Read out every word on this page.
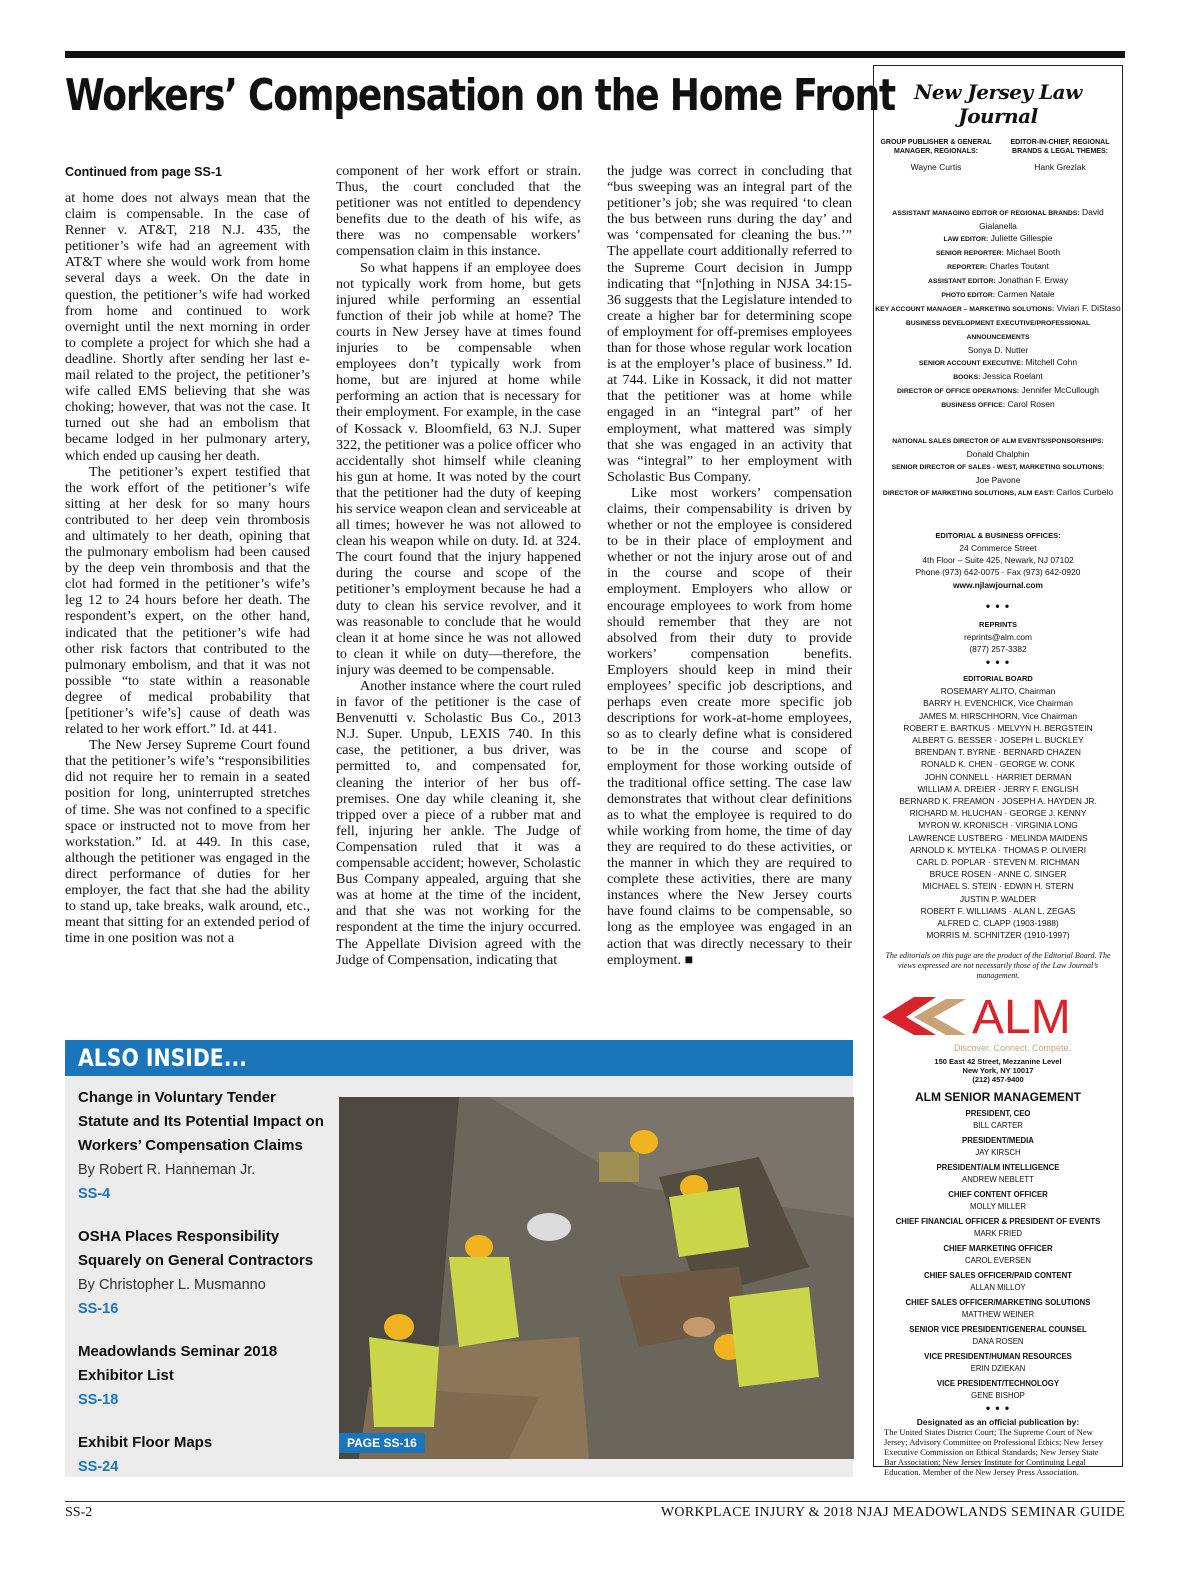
Workers’ Compensation on the Home Front
Continued from page SS-1

at home does not always mean that the claim is compensable. In the case of Renner v. AT&T, 218 N.J. 435, the petitioner’s wife had an agreement with AT&T where she would work from home several days a week. On the date in question, the petitioner’s wife had worked from home and continued to work overnight until the next morning in order to complete a project for which she had a deadline. Shortly after sending her last e-mail related to the project, the petitioner’s wife called EMS believing that she was choking; however, that was not the case. It turned out she had an embolism that became lodged in her pulmonary artery, which ended up causing her death.

The petitioner’s expert testified that the work effort of the petitioner’s wife sitting at her desk for so many hours contributed to her deep vein thrombosis and ultimately to her death, opining that the pulmonary embolism had been caused by the deep vein thrombosis and that the clot had formed in the petitioner’s wife’s leg 12 to 24 hours before her death. The respondent’s expert, on the other hand, indicated that the petitioner’s wife had other risk factors that contributed to the pulmonary embolism, and that it was not possible “to state within a reasonable degree of medical probability that [petitioner’s wife’s] cause of death was related to her work effort.” Id. at 441.

The New Jersey Supreme Court found that the petitioner’s wife’s “responsibilities did not require her to remain in a seated position for long, uninterrupted stretches of time. She was not confined to a specific space or instructed not to move from her workstation.” Id. at 449. In this case, although the petitioner was engaged in the direct performance of duties for her employer, the fact that she had the ability to stand up, take breaks, walk around, etc., meant that sitting for an extended period of time in one position was not a

component of her work effort or strain. Thus, the court concluded that the petitioner was not entitled to dependency benefits due to the death of his wife, as there was no compensable workers’ compensation claim in this instance.

So what happens if an employee does not typically work from home, but gets injured while performing an essential function of their job while at home? The courts in New Jersey have at times found injuries to be compensable when employees don’t typically work from home, but are injured at home while performing an action that is necessary for their employment. For example, in the case of Kossack v. Bloomfield, 63 N.J. Super 322, the petitioner was a police officer who accidentally shot himself while cleaning his gun at home. It was noted by the court that the petitioner had the duty of keeping his service weapon clean and serviceable at all times; however he was not allowed to clean his weapon while on duty. Id. at 324. The court found that the injury happened during the course and scope of the petitioner’s employment because he had a duty to clean his service revolver, and it was reasonable to conclude that he would clean it at home since he was not allowed to clean it while on duty—therefore, the injury was deemed to be compensable.

Another instance where the court ruled in favor of the petitioner is the case of Benvenutti v. Scholastic Bus Co., 2013 N.J. Super. Unpub, LEXIS 740. In this case, the petitioner, a bus driver, was permitted to, and compensated for, cleaning the interior of her bus off-premises. One day while cleaning it, she tripped over a piece of a rubber mat and fell, injuring her ankle. The Judge of Compensation ruled that it was a compensable accident; however, Scholastic Bus Company appealed, arguing that she was at home at the time of the incident, and that she was not working for the respondent at the time the injury occurred. The Appellate Division agreed with the Judge of Compensation, indicating that

the judge was correct in concluding that “bus sweeping was an integral part of the petitioner’s job; she was required ‘to clean the bus between runs during the day’ and was ‘compensated for cleaning the bus.’” The appellate court additionally referred to the Supreme Court decision in Jumpp indicating that “[n]othing in NJSA 34:15-36 suggests that the Legislature intended to create a higher bar for determining scope of employment for off-premises employees than for those whose regular work location is at the employer’s place of business.” Id. at 744. Like in Kossack, it did not matter that the petitioner was at home while engaged in an “integral part” of her employment, what mattered was simply that she was engaged in an activity that was “integral” to her employment with Scholastic Bus Company.

Like most workers’ compensation claims, their compensability is driven by whether or not the employee is considered to be in their place of employment and whether or not the injury arose out of and in the course and scope of their employment. Employers who allow or encourage employees to work from home should remember that they are not absolved from their duty to provide workers’ compensation benefits. Employers should keep in mind their employees’ specific job descriptions, and perhaps even create more specific job descriptions for work-at-home employees, so as to clearly define what is considered to be in the course and scope of employment for those working outside of the traditional office setting. The case law demonstrates that without clear definitions as to what the employee is required to do while working from home, the time of day they are required to do these activities, or the manner in which they are required to complete these activities, there are many instances where the New Jersey courts have found claims to be compensable, so long as the employee was engaged in an action that was directly necessary to their employment. ■

New Jersey Law Journal
GROUP PUBLISHER & GENERAL MANAGER, REGIONALS:
EDITOR-IN-CHIEF, REGIONAL BRANDS & LEGAL THEMES:
Wayne Curtis	Hank Grezlak
ASSISTANT MANAGING EDITOR OF REGIONAL BRANDS: David Gialanella
LAW EDITOR: Juliette Gillespie
SENIOR REPORTER: Michael Booth
REPORTER: Charles Toutant
ASSISTANT EDITOR: Jonathan F. Erway
PHOTO EDITOR: Carmen Natale
KEY ACCOUNT MANAGER – MARKETING SOLUTIONS: Vivian F. DiStaso
BUSINESS DEVELOPMENT EXECUTIVE/PROFESSIONAL ANNOUNCEMENTS
Sonya D. Nutter
SENIOR ACCOUNT EXECUTIVE: Mitchell Cohn
BOOKS: Jessica Roelant
DIRECTOR OF OFFICE OPERATIONS: Jennifer McCullough
BUSINESS OFFICE: Carol Rosen
NATIONAL SALES DIRECTOR OF ALM EVENTS/SPONSORSHIPS:
Donald Chalphin
SENIOR DIRECTOR OF SALES - WEST, MARKETING SOLUTIONS:
Joe Pavone
DIRECTOR OF MARKETING SOLUTIONS, ALM EAST: Carlos Curbelo
EDITORIAL & BUSINESS OFFICES:
24 Commerce Street
4th Floor – Suite 425, Newark, NJ 07102
Phone (973) 642-0075 · Fax (973) 642-0920
www.njlawjournal.com
• • •
REPRINTS
reprints@alm.com
(877) 257-3382
• • •
EDITORIAL BOARD
ROSEMARY ALITO, Chairman
BARRY H. EVENCHICK, Vice Chairman
JAMES M. HIRSCHHORN, Vice Chairman
ROBERT E. BARTKUS · MELVYN H. BERGSTEIN
ALBERT G. BESSER · JOSEPH L. BUCKLEY
BRENDAN T. BYRNE · BERNARD CHAZEN
RONALD K. CHEN · GEORGE W. CONK
JOHN CONNELL · HARRIET DERMAN
WILLIAM A. DREIER · JERRY F. ENGLISH
BERNARD K. FREAMON · JOSEPH A. HAYDEN JR.
RICHARD M. HLUCHAN · GEORGE J. KENNY
MYRON W. KRONISCH · VIRGINIA LONG
LAWRENCE LUSTBERG · MELINDA MAIDENS
ARNOLD K. MYTELKA · THOMAS P. OLIVIERI
CARL D. POPLAR · STEVEN M. RICHMAN
BRUCE ROSEN · ANNE C. SINGER
MICHAEL S. STEIN · EDWIN H. STERN
JUSTIN P. WALDER
ROBERT F. WILLIAMS · ALAN L. ZEGAS
ALFRED C. CLAPP (1903-1988)
MORRIS M. SCHNITZER (1910-1997)
The editorials on this page are the product of the Editorial Board. The views expressed are not necessarily those of the Law Journal’s management.
ALM
Discover. Connect. Compete.
150 East 42 Street, Mezzanine Level
New York, NY 10017
(212) 457-9400
ALM SENIOR MANAGEMENT
PRESIDENT, CEO
BILL CARTER
PRESIDENT/MEDIA
JAY KIRSCH
PRESIDENT/ALM INTELLIGENCE
ANDREW NEBLETT
CHIEF CONTENT OFFICER
MOLLY MILLER
CHIEF FINANCIAL OFFICER & PRESIDENT OF EVENTS
MARK FRIED
CHIEF MARKETING OFFICER
CAROL EVERSEN
CHIEF SALES OFFICER/PAID CONTENT
ALLAN MILLOY
CHIEF SALES OFFICER/MARKETING SOLUTIONS
MATTHEW WEINER
SENIOR VICE PRESIDENT/GENERAL COUNSEL
DANA ROSEN
VICE PRESIDENT/HUMAN RESOURCES
ERIN DZIEKAN
VICE PRESIDENT/TECHNOLOGY
GENE BISHOP
• • •
Designated as an official publication by:
The United States District Court; The Supreme Court of New Jersey; Advisory Committee on Professional Ethics; New Jersey Executive Commission on Ethical Standards; New Jersey State Bar Association; New Jersey Institute for Continuing Legal Education. Member of the New Jersey Press Association.
ALSO INSIDE...
Change in Voluntary Tender Statute and Its Potential Impact on Workers’ Compensation Claims
By Robert R. Hanneman Jr.
SS-4
OSHA Places Responsibility Squarely on General Contractors
By Christopher L. Musmanno
SS-16
Meadowlands Seminar 2018 Exhibitor List
SS-18
Exhibit Floor Maps
SS-24
PAGE SS-16
SS-2	WORKPLACE INJURY & 2018 NJAJ MEADOWLANDS SEMINAR GUIDE
